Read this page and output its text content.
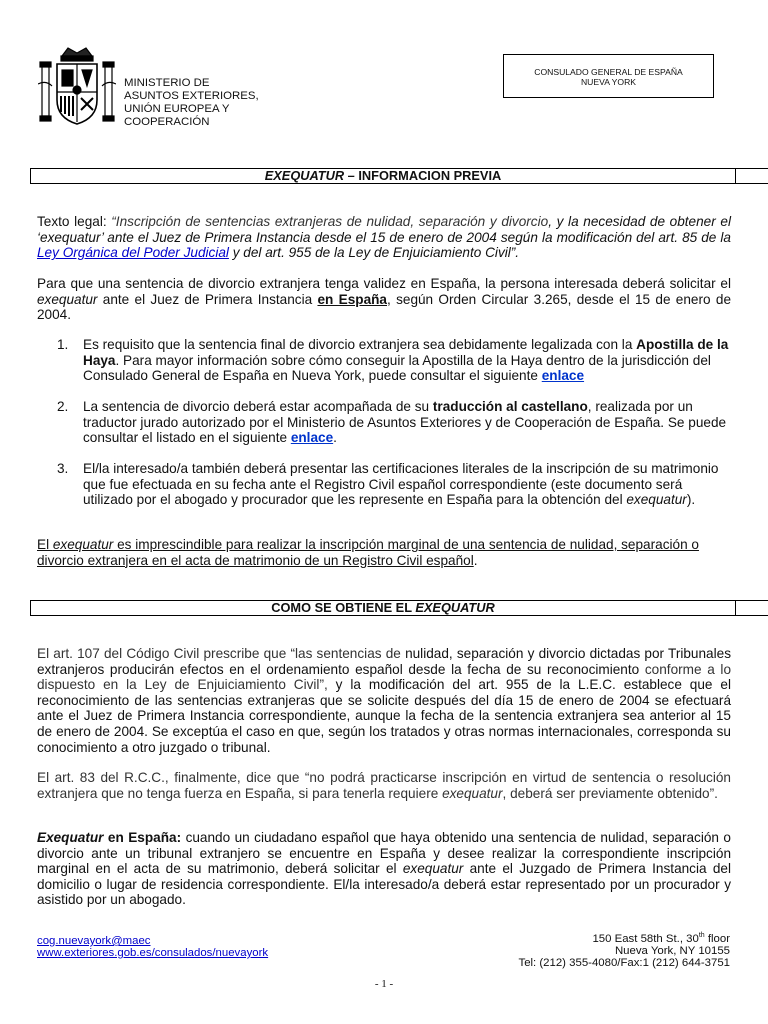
MINISTERIO DE
ASUNTOS EXTERIORES,
UNIÓN EUROPEA Y
COOPERACIÓN
CONSULADO GENERAL DE ESPAÑA
NUEVA YORK
EXEQUATUR – INFORMACION PREVIA
Texto legal: “Inscripción de sentencias extranjeras de nulidad, separación y divorcio, y la necesidad de obtener el ‘exequatur’ ante el Juez de Primera Instancia desde el 15 de enero de 2004 según la modificación del art. 85 de la Ley Orgánica del Poder Judicial y del art. 955 de la Ley de Enjuiciamiento Civil”.
Para que una sentencia de divorcio extranjera tenga validez en España, la persona interesada deberá solicitar el exequatur ante el Juez de Primera Instancia en España, según Orden Circular 3.265, desde el 15 de enero de 2004.
1.	Es requisito que la sentencia final de divorcio extranjera sea debidamente legalizada con la Apostilla de la Haya. Para mayor información sobre cómo conseguir la Apostilla de la Haya dentro de la jurisdicción del Consulado General de España en Nueva York, puede consultar el siguiente enlace
2.	La sentencia de divorcio deberá estar acompañada de su traducción al castellano, realizada por un traductor jurado autorizado por el Ministerio de Asuntos Exteriores y de Cooperación de España. Se puede consultar el listado en el siguiente enlace.
3.	El/la interesado/a también deberá presentar las certificaciones literales de la inscripción de su matrimonio que fue efectuada en su fecha ante el Registro Civil español correspondiente (este documento será utilizado por el abogado y procurador que les represente en España para la obtención del exequatur).
El exequatur es imprescindible para realizar la inscripción marginal de una sentencia de nulidad, separación o divorcio extranjera en el acta de matrimonio de un Registro Civil español.
COMO SE OBTIENE EL EXEQUATUR
El art. 107 del Código Civil prescribe que “las sentencias de nulidad, separación y divorcio dictadas por Tribunales extranjeros producirán efectos en el ordenamiento español desde la fecha de su reconocimiento conforme a lo dispuesto en la Ley de Enjuiciamiento Civil”, y la modificación del art. 955 de la L.E.C. establece que el reconocimiento de las sentencias extranjeras que se solicite después del día 15 de enero de 2004 se efectuará ante el Juez de Primera Instancia correspondiente, aunque la fecha de la sentencia extranjera sea anterior al 15 de enero de 2004. Se exceptúa el caso en que, según los tratados y otras normas internacionales, corresponda su conocimiento a otro juzgado o tribunal.
El art. 83 del R.C.C., finalmente, dice que “no podrá practicarse inscripción en virtud de sentencia o resolución extranjera que no tenga fuerza en España, si para tenerla requiere exequatur, deberá ser previamente obtenido”.
Exequatur en España: cuando un ciudadano español que haya obtenido una sentencia de nulidad, separación o divorcio ante un tribunal extranjero se encuentre en España y desee realizar la correspondiente inscripción marginal en el acta de su matrimonio, deberá solicitar el exequatur ante el Juzgado de Primera Instancia del domicilio o lugar de residencia correspondiente. El/la interesado/a deberá estar representado por un procurador y asistido por un abogado.
cog.nuevayork@maec
www.exteriores.gob.es/consulados/nuevayork
150 East 58th St., 30th floor
Nueva York, NY 10155
Tel: (212) 355-4080/Fax:1 (212) 644-3751
- 1 -
